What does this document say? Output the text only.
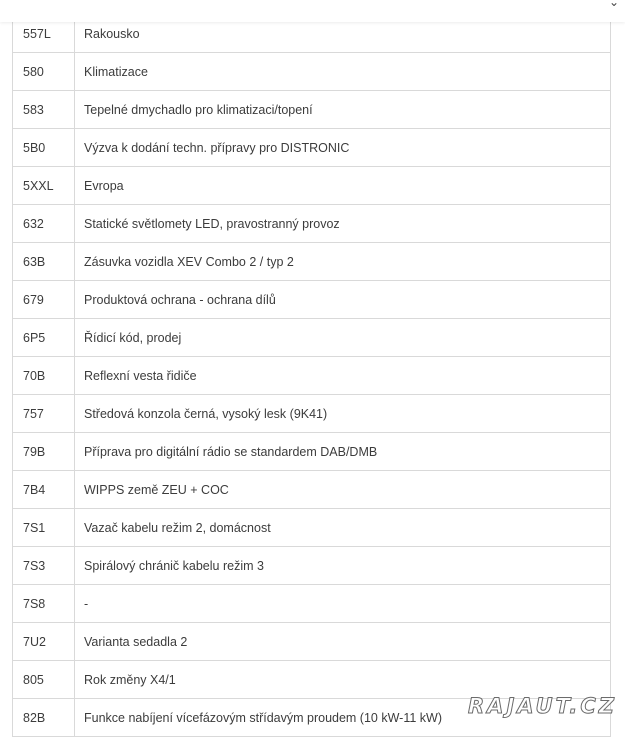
⌄
557L	Rakousko
580	Klimatizace
583	Tepelné dmychadlo pro klimatizaci/topení
5B0	Výzva k dodání techn. přípravy pro DISTRONIC
5XXL	Evropa
632	Statické světlomety LED, pravostranný provoz
63B	Zásuvka vozidla XEV Combo 2 / typ 2
679	Produktová ochrana - ochrana dílů
6P5	Řídicí kód, prodej
70B	Reflexní vesta řidiče
757	Středová konzola černá, vysoký lesk (9K41)
79B	Příprava pro digitální rádio se standardem DAB/DMB
7B4	WIPPS země ZEU + COC
7S1	Vazač kabelu režim 2, domácnost
7S3	Spirálový chránič kabelu režim 3
7S8	-
7U2	Varianta sedadla 2
805	Rok změny X4/1
82B	Funkce nabíjení vícefázovým střídavým proudem (10 kW-11 kW) RAJAUT.CZ
